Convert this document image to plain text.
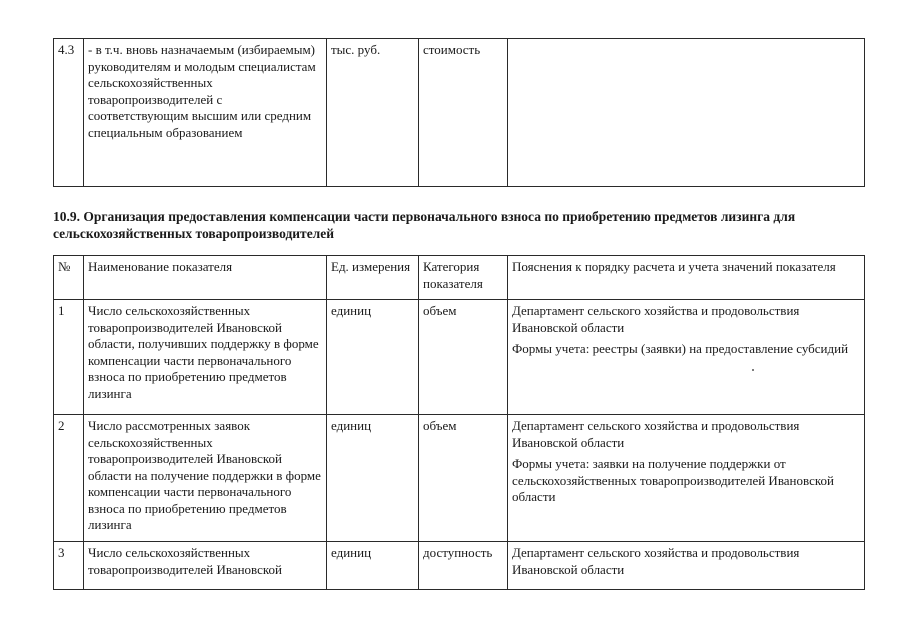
4.3	- в т.ч. вновь назначаемым (избираемым) руководителям и молодым специалистам сельскохозяйственных товаропроизводителей с соответствующим высшим или средним специальным образованием	тыс. руб.	стоимость	

10.9. Организация предоставления компенсации части первоначального взноса по приобретению предметов лизинга для сельскохозяйственных товаропроизводителей

№	Наименование показателя	Ед. измерения	Категория показателя	Пояснения к порядку расчета и учета значений показателя
1	Число сельскохозяйственных товаропроизводителей Ивановской области, получивших поддержку в форме компенсации части первоначального взноса по приобретению предметов лизинга	единиц	объем	Департамент сельского хозяйства и продовольствия Ивановской области
Формы учета: реестры (заявки) на предоставление субсидий

2	Число рассмотренных заявок сельскохозяйственных товаропроизводителей Ивановской области на получение поддержки в форме компенсации части первоначального взноса по приобретению предметов лизинга	единиц	объем	Департамент сельского хозяйства и продовольствия Ивановской области
Формы учета: заявки на получение поддержки от сельскохозяйственных товаропроизводителей Ивановской области

3	Число сельскохозяйственных товаропроизводителей Ивановской	единиц	доступность	Департамент сельского хозяйства и продовольствия Ивановской области
